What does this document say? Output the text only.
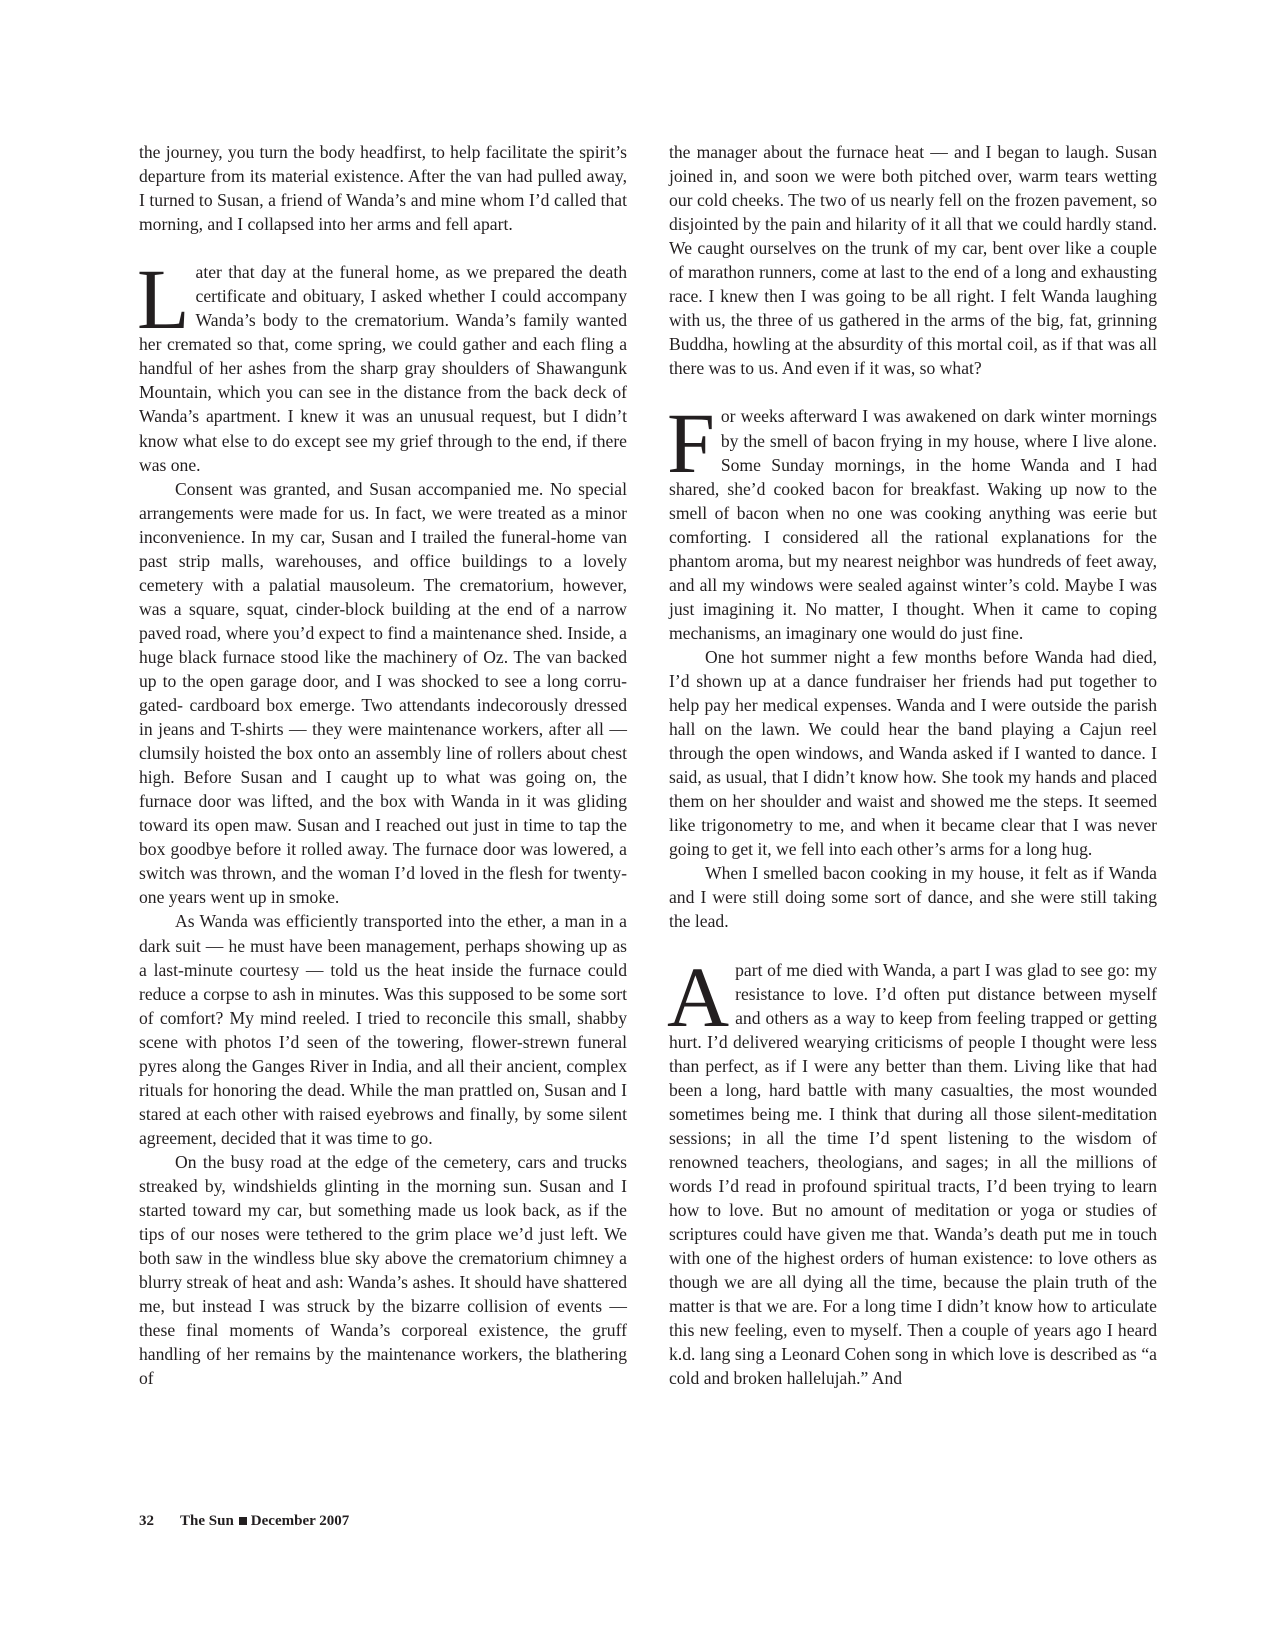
the journey, you turn the body headfirst, to help facilitate the spirit’s departure from its material existence. After the van had pulled away, I turned to Susan, a friend of Wanda’s and mine whom I’d called that morning, and I collapsed into her arms and fell apart.

Later that day at the funeral home, as we prepared the death certificate and obituary, I asked whether I could accompany Wanda’s body to the crematorium. Wanda’s family wanted her cremated so that, come spring, we could gather and each fling a handful of her ashes from the sharp gray shoulders of Shawangunk Mountain, which you can see in the distance from the back deck of Wanda’s apartment. I knew it was an unusual request, but I didn’t know what else to do except see my grief through to the end, if there was one.

Consent was granted, and Susan accompanied me. No special arrangements were made for us. In fact, we were treated as a minor inconvenience. In my car, Susan and I trailed the funeral-home van past strip malls, warehouses, and office buildings to a lovely cemetery with a palatial mausoleum. The crematorium, however, was a square, squat, cinder-block building at the end of a narrow paved road, where you’d expect to find a maintenance shed. Inside, a huge black furnace stood like the machinery of Oz. The van backed up to the open garage door, and I was shocked to see a long corrugated- cardboard box emerge. Two attendants indecorously dressed in jeans and T-shirts — they were maintenance workers, after all — clumsily hoisted the box onto an assembly line of rollers about chest high. Before Susan and I caught up to what was going on, the furnace door was lifted, and the box with Wanda in it was gliding toward its open maw. Susan and I reached out just in time to tap the box goodbye before it rolled away. The furnace door was lowered, a switch was thrown, and the woman I’d loved in the flesh for twenty-one years went up in smoke.

As Wanda was efficiently transported into the ether, a man in a dark suit — he must have been management, perhaps showing up as a last-minute courtesy — told us the heat inside the furnace could reduce a corpse to ash in minutes. Was this supposed to be some sort of comfort? My mind reeled. I tried to reconcile this small, shabby scene with photos I’d seen of the towering, flower-strewn funeral pyres along the Ganges River in India, and all their ancient, complex rituals for honoring the dead. While the man prattled on, Susan and I stared at each other with raised eyebrows and finally, by some silent agreement, decided that it was time to go.

On the busy road at the edge of the cemetery, cars and trucks streaked by, windshields glinting in the morning sun. Susan and I started toward my car, but something made us look back, as if the tips of our noses were tethered to the grim place we’d just left. We both saw in the windless blue sky above the crematorium chimney a blurry streak of heat and ash: Wanda’s ashes. It should have shattered me, but instead I was struck by the bizarre collision of events — these final moments of Wanda’s corporeal existence, the gruff handling of her remains by the maintenance workers, the blathering of

the manager about the furnace heat — and I began to laugh. Susan joined in, and soon we were both pitched over, warm tears wetting our cold cheeks. The two of us nearly fell on the frozen pavement, so disjointed by the pain and hilarity of it all that we could hardly stand. We caught ourselves on the trunk of my car, bent over like a couple of marathon runners, come at last to the end of a long and exhausting race. I knew then I was going to be all right. I felt Wanda laughing with us, the three of us gathered in the arms of the big, fat, grinning Buddha, howling at the absurdity of this mortal coil, as if that was all there was to us. And even if it was, so what?

For weeks afterward I was awakened on dark winter mornings by the smell of bacon frying in my house, where I live alone. Some Sunday mornings, in the home Wanda and I had shared, she’d cooked bacon for breakfast. Waking up now to the smell of bacon when no one was cooking anything was eerie but comforting. I considered all the rational explanations for the phantom aroma, but my nearest neighbor was hundreds of feet away, and all my windows were sealed against winter’s cold. Maybe I was just imagining it. No matter, I thought. When it came to coping mechanisms, an imaginary one would do just fine.

One hot summer night a few months before Wanda had died, I’d shown up at a dance fundraiser her friends had put together to help pay her medical expenses. Wanda and I were outside the parish hall on the lawn. We could hear the band playing a Cajun reel through the open windows, and Wanda asked if I wanted to dance. I said, as usual, that I didn’t know how. She took my hands and placed them on her shoulder and waist and showed me the steps. It seemed like trigonometry to me, and when it became clear that I was never going to get it, we fell into each other’s arms for a long hug.

When I smelled bacon cooking in my house, it felt as if Wanda and I were still doing some sort of dance, and she were still taking the lead.

Apart of me died with Wanda, a part I was glad to see go: my resistance to love. I’d often put distance between myself and others as a way to keep from feeling trapped or getting hurt. I’d delivered wearying criticisms of people I thought were less than perfect, as if I were any better than them. Living like that had been a long, hard battle with many casualties, the most wounded sometimes being me. I think that during all those silent-meditation sessions; in all the time I’d spent listening to the wisdom of renowned teachers, theologians, and sages; in all the millions of words I’d read in profound spiritual tracts, I’d been trying to learn how to love. But no amount of meditation or yoga or studies of scriptures could have given me that. Wanda’s death put me in touch with one of the highest orders of human existence: to love others as though we are all dying all the time, because the plain truth of the matter is that we are. For a long time I didn’t know how to articulate this new feeling, even to myself. Then a couple of years ago I heard k.d. lang sing a Leonard Cohen song in which love is described as “a cold and broken hallelujah.” And

32 The Sun December 2007
